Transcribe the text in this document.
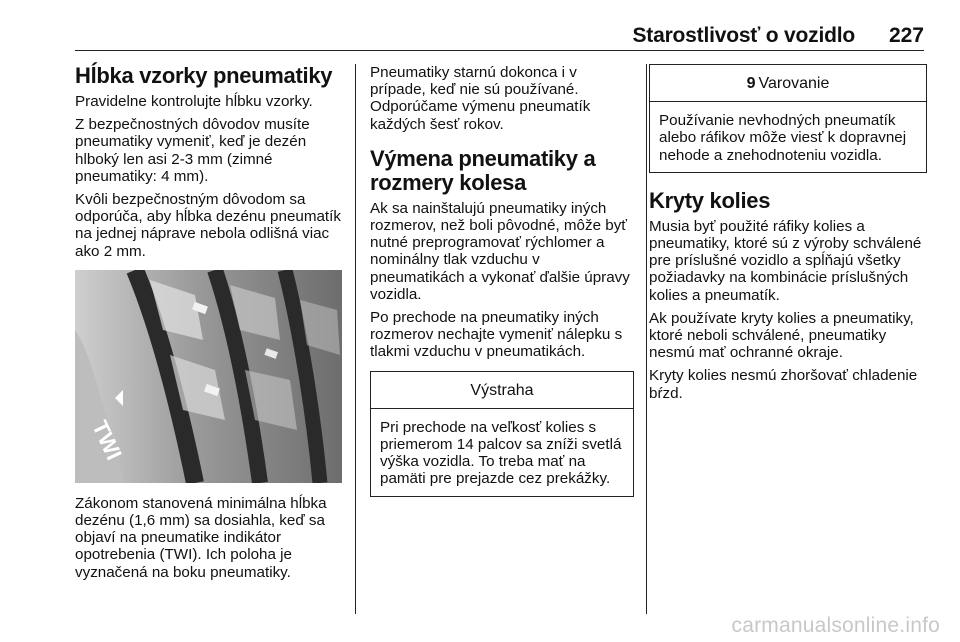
Starostlivosť o vozidlo 227
Hĺbka vzorky pneumatiky

Pravidelne kontrolujte hĺbku vzorky.

Z bezpečnostných dôvodov musíte pneumatiky vymeniť, keď je dezén hlboký len asi 2-3 mm (zimné pneumatiky: 4 mm).

Kvôli bezpečnostným dôvodom sa odporúča, aby hĺbka dezénu pneumatík na jednej náprave nebola odlišná viac ako 2 mm.

TWI

Zákonom stanovená minimálna hĺbka dezénu (1,6 mm) sa dosiahla, keď sa objaví na pneumatike indikátor opotrebenia (TWI). Ich poloha je vyznačená na boku pneumatiky.

Pneumatiky starnú dokonca i v prípade, keď nie sú používané. Odporúčame výmenu pneumatík každých šesť rokov.

Výmena pneumatiky a rozmery kolesa

Ak sa nainštalujú pneumatiky iných rozmerov, než boli pôvodné, môže byť nutné preprogramovať rýchlomer a nominálny tlak vzduchu v pneumatikách a vykonať ďalšie úpravy vozidla.

Po prechode na pneumatiky iných rozmerov nechajte vymeniť nálepku s tlakmi vzduchu v pneumatikách.

Výstraha
Pri prechode na veľkosť kolies s priemerom 14 palcov sa zníži svetlá výška vozidla. To treba mať na pamäti pre prejazde cez prekážky.
9 Varovanie
Používanie nevhodných pneumatík alebo ráfikov môže viesť k dopravnej nehode a znehodnoteniu vozidla.
Kryty kolies

Musia byť použité ráfiky kolies a pneumatiky, ktoré sú z výroby schválené pre príslušné vozidlo a spĺňajú všetky požiadavky na kombinácie príslušných kolies a pneumatík.

Ak používate kryty kolies a pneumatiky, ktoré neboli schválené, pneumatiky nesmú mať ochranné okraje.

Kryty kolies nesmú zhoršovať chladenie bŕzd.

carmanualsonline.info
